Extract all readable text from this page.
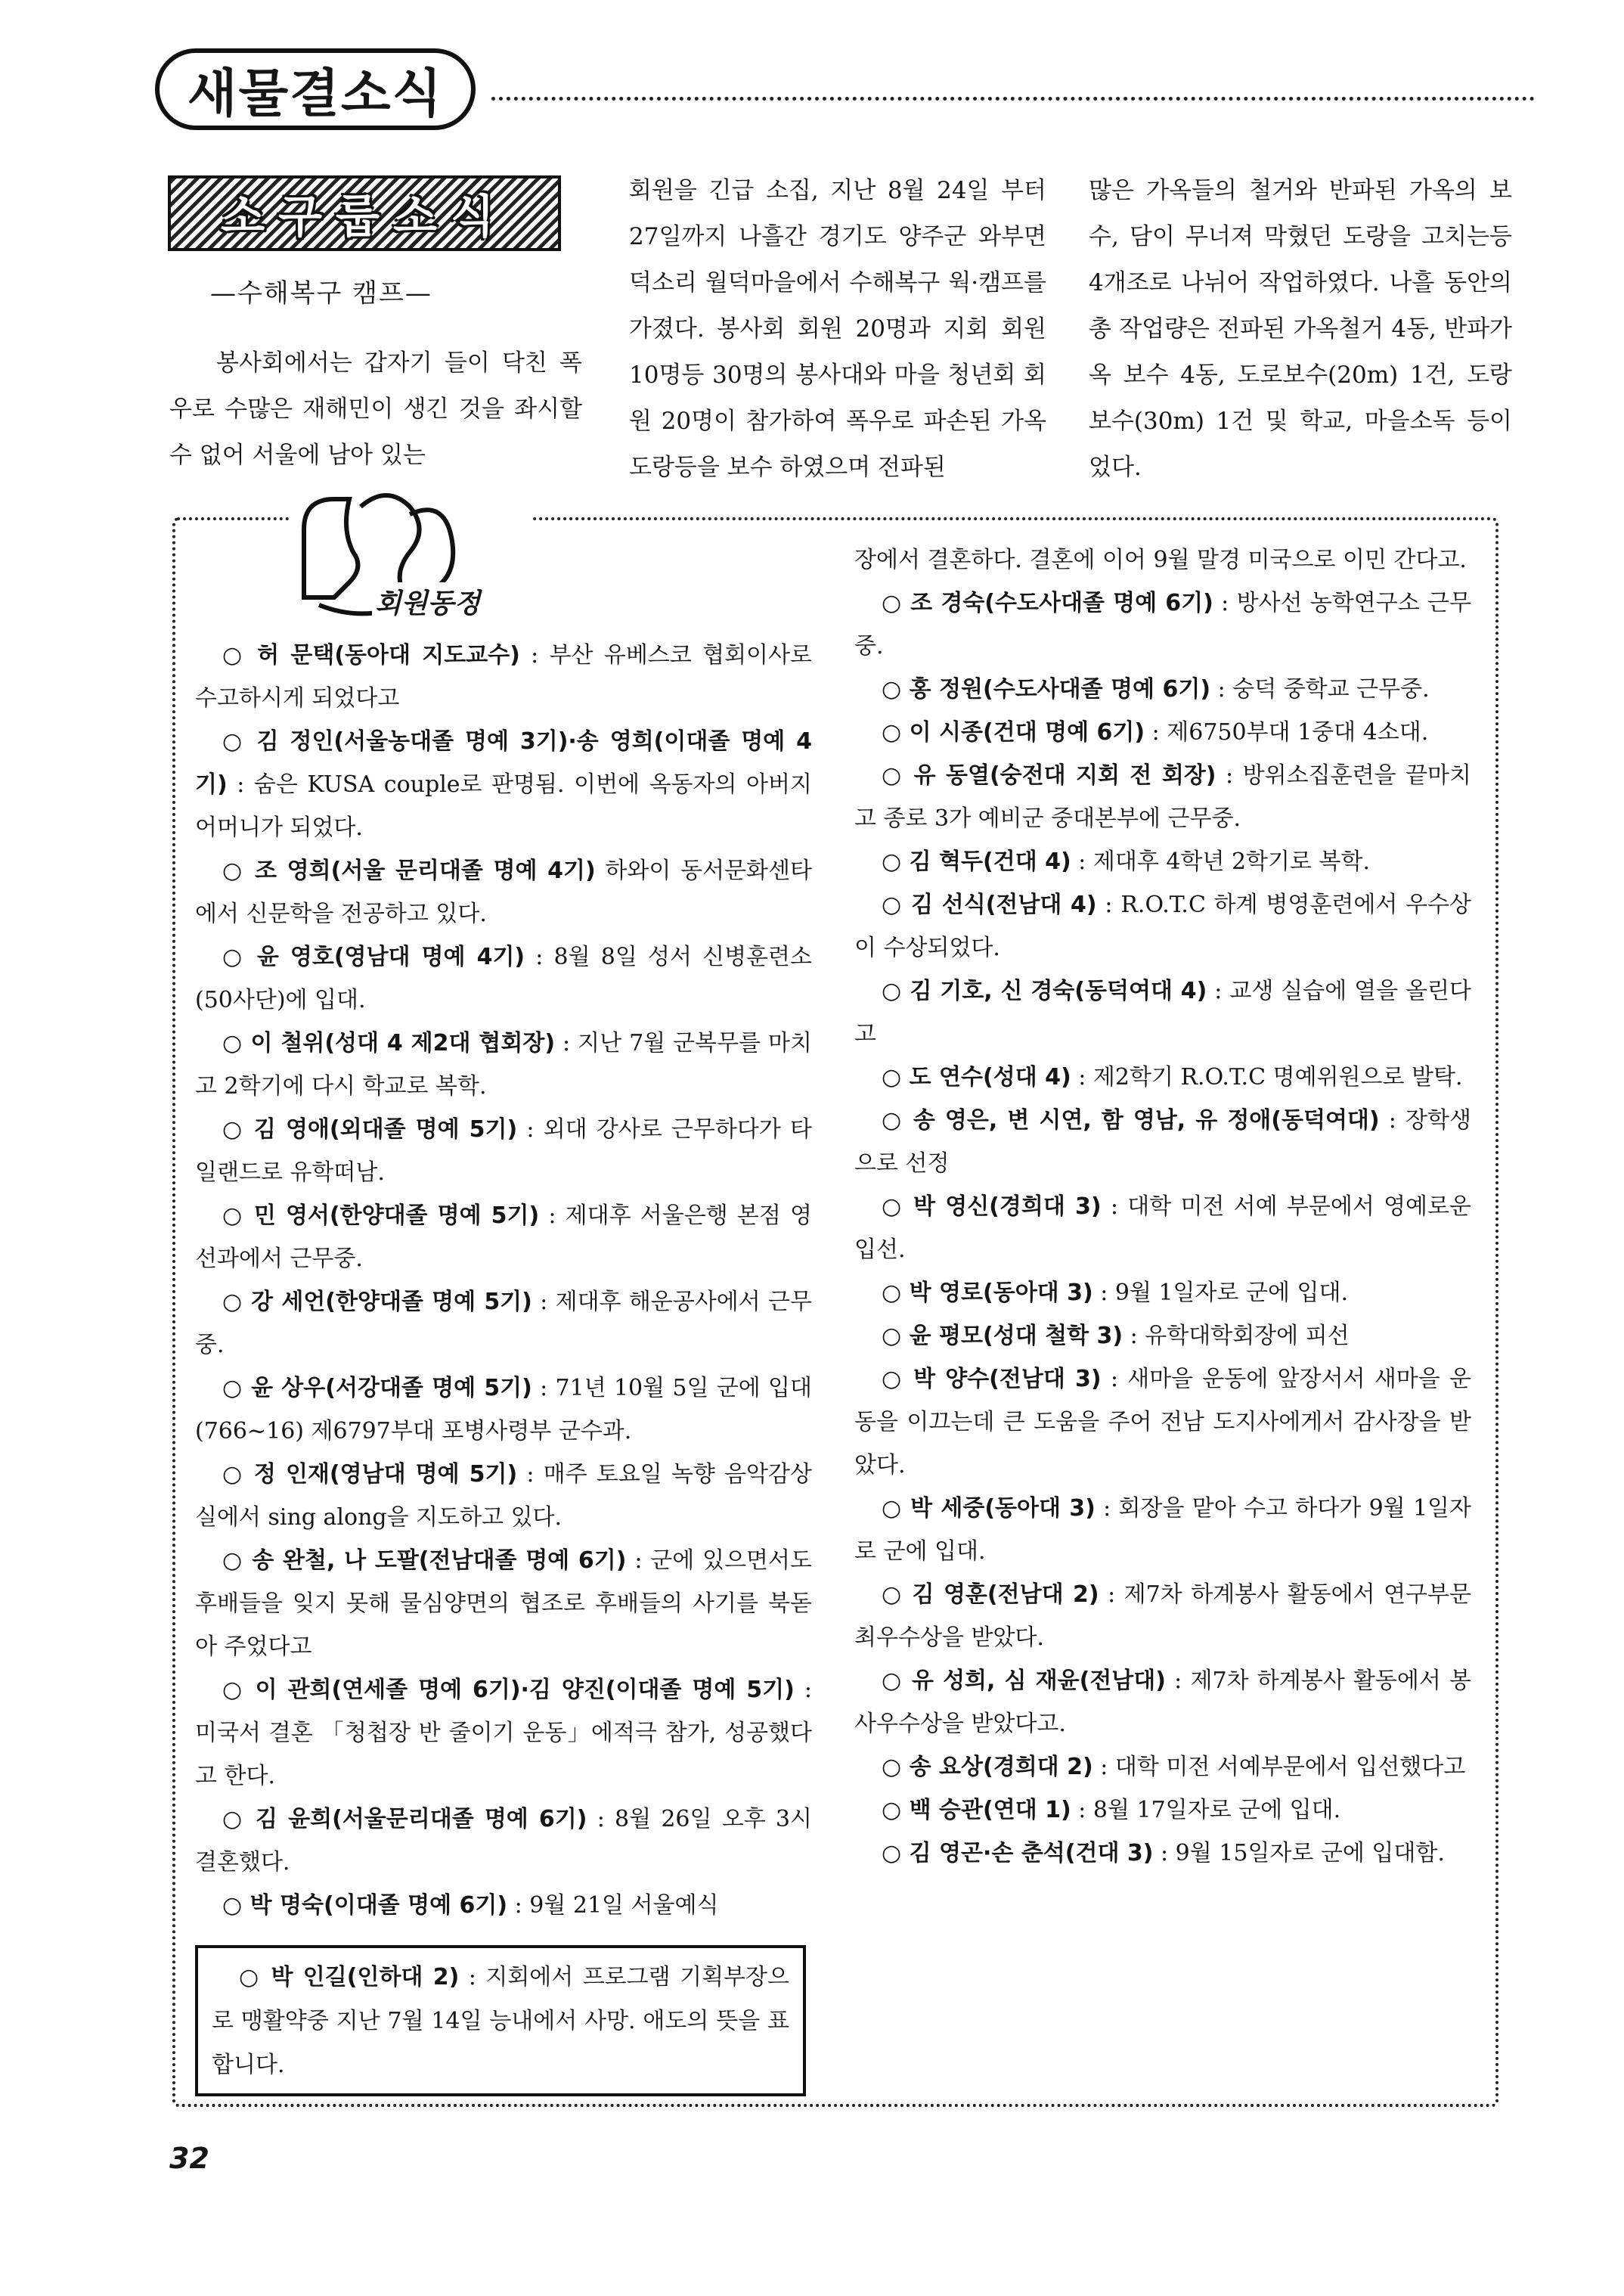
새물결소식
소구룹소식
—수해복구 캠프—
봉사회에서는 갑자기 들이 닥친 폭우로 수많은 재해민이 생긴 것을 좌시할 수 없어 서울에 남아 있는
회원을 긴급 소집, 지난 8월 24일 부터 27일까지 나흘간 경기도 양주군 와부면 덕소리 월덕마을에서 수해복구 웍·캠프를 가졌다. 봉사회 회원 20명과 지회 회원 10명등 30명의 봉사대와 마을 청년회 회원 20명이 참가하여 폭우로 파손된 가옥 도랑등을 보수 하였으며 전파된
많은 가옥들의 철거와 반파된 가옥의 보수, 담이 무너져 막혔던 도랑을 고치는등 4개조로 나뉘어 작업하였다. 나흘 동안의 총 작업량은 전파된 가옥철거 4동, 반파가옥 보수 4동, 도로보수(20m) 1건, 도랑보수(30m) 1건 및 학교, 마을소독 등이었다.
회원동정

○ 허 문택(동아대 지도교수) : 부산 유베스코 협회이사로 수고하시게 되었다고

○ 김 정인(서울농대졸 명예 3기)·송 영희(이대졸 명예 4기) : 숨은 KUSA couple로 판명됨. 이번에 옥동자의 아버지 어머니가 되었다.

○ 조 영희(서울 문리대졸 명예 4기) 하와이 동서문화센타에서 신문학을 전공하고 있다.

○ 윤 영호(영남대 명예 4기) : 8월 8일 성서 신병훈련소(50사단)에 입대.

○ 이 철위(성대 4 제2대 협회장) : 지난 7월 군복무를 마치고 2학기에 다시 학교로 복학.

○ 김 영애(외대졸 명예 5기) : 외대 강사로 근무하다가 타일랜드로 유학떠남.

○ 민 영서(한양대졸 명예 5기) : 제대후 서울은행 본점 영선과에서 근무중.

○ 강 세언(한양대졸 명예 5기) : 제대후 해운공사에서 근무중.

○ 윤 상우(서강대졸 명예 5기) : 71년 10월 5일 군에 입대(766~16) 제6797부대 포병사령부 군수과.

○ 정 인재(영남대 명예 5기) : 매주 토요일 녹향 음악감상실에서 sing along을 지도하고 있다.

○ 송 완철, 나 도팔(전남대졸 명예 6기) : 군에 있으면서도 후배들을 잊지 못해 물심양면의 협조로 후배들의 사기를 북돋아 주었다고

○ 이 관희(연세졸 명예 6기)·김 양진(이대졸 명예 5기) : 미국서 결혼 「청첩장 반 줄이기 운동」에적극 참가, 성공했다고 한다.

○ 김 윤희(서울문리대졸 명예 6기) : 8월 26일 오후 3시 결혼했다.

○ 박 명숙(이대졸 명예 6기) : 9월 21일 서울예식

○ 박 인길(인하대 2) : 지회에서 프로그램 기획부장으로 맹활약중 지난 7월 14일 능내에서 사망. 애도의 뜻을 표합니다.

장에서 결혼하다. 결혼에 이어 9월 말경 미국으로 이민 간다고.

○ 조 경숙(수도사대졸 명예 6기) : 방사선 농학연구소 근무중.

○ 홍 정원(수도사대졸 명예 6기) : 숭덕 중학교 근무중.

○ 이 시종(건대 명예 6기) : 제6750부대 1중대 4소대.

○ 유 동열(숭전대 지회 전 회장) : 방위소집훈련을 끝마치고 종로 3가 예비군 중대본부에 근무중.

○ 김 혁두(건대 4) : 제대후 4학년 2학기로 복학.

○ 김 선식(전남대 4) : R.O.T.C 하계 병영훈련에서 우수상이 수상되었다.

○ 김 기호, 신 경숙(동덕여대 4) : 교생 실습에 열을 올린다고

○ 도 연수(성대 4) : 제2학기 R.O.T.C 명예위원으로 발탁.

○ 송 영은, 변 시연, 함 영남, 유 정애(동덕여대) : 장학생으로 선정

○ 박 영신(경희대 3) : 대학 미전 서예 부문에서 영예로운 입선.

○ 박 영로(동아대 3) : 9월 1일자로 군에 입대.

○ 윤 평모(성대 철학 3) : 유학대학회장에 피선

○ 박 양수(전남대 3) : 새마을 운동에 앞장서서 새마을 운동을 이끄는데 큰 도움을 주어 전남 도지사에게서 감사장을 받았다.

○ 박 세중(동아대 3) : 회장을 맡아 수고 하다가 9월 1일자로 군에 입대.

○ 김 영훈(전남대 2) : 제7차 하계봉사 활동에서 연구부문 최우수상을 받았다.

○ 유 성희, 심 재윤(전남대) : 제7차 하계봉사 활동에서 봉사우수상을 받았다고.

○ 송 요상(경희대 2) : 대학 미전 서예부문에서 입선했다고

○ 백 승관(연대 1) : 8월 17일자로 군에 입대.

○ 김 영곤·손 춘석(건대 3) : 9월 15일자로 군에 입대함.

32
